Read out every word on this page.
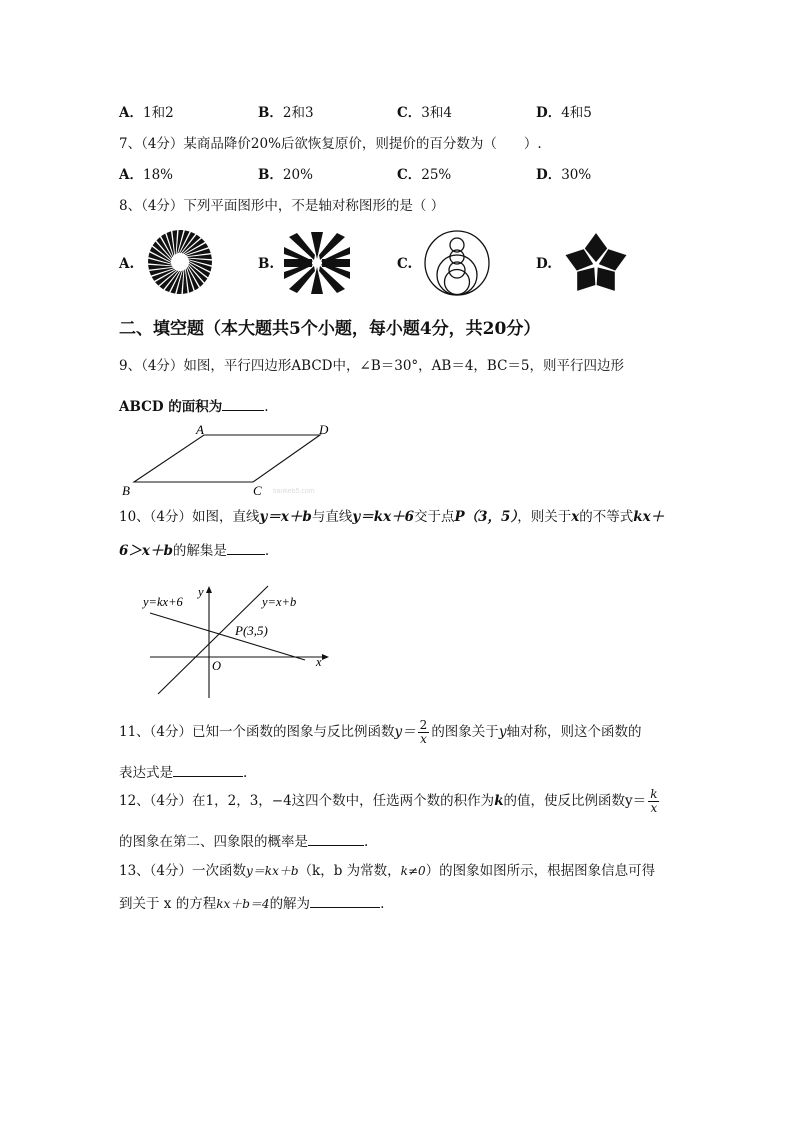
A．1和2	B．2和3	C．3和4	D．4和5
7、（4分）某商品降价20%后欲恢复原价，则提价的百分数为（　　）.
A．18%	B．20%	C．25%	D．30%
8、（4分）下列平面图形中，不是轴对称图形的是（ ）
A.	B.	C.	D.
二、填空题（本大题共5个小题，每小题4分，共20分）
9、（4分）如图，平行四边形ABCD中，∠B＝30°，AB＝4，BC＝5，则平行四边形
ABCD 的面积为	.
A	D
B	C tiankeb5.com
10、（4分）如图，直线y＝x＋b与直线y＝kx＋6交于点P（3，5），则关于x的不等式kx＋
6＞x＋b的解集是	.
y=kx+6	y=x+b
P(3,5)
O	x
y
11、（4分）已知一个函数的图象与反比例函数$y= \frac{2}{x}$ 的图象关于y轴对称，则这个函数的
表达式是	.
12、（4分）在1，2，3，−4这四个数中，任选两个数的积作为k的值，使反比例函数$y= \frac{k}{x}$
的图象在第二、四象限的概率是	.
13、（4分）一次函数y＝kx＋b（k，b 为常数，k≠0）的图象如图所示，根据图象信息可得
到关于 x 的方程kx＋b＝4的解为	.
